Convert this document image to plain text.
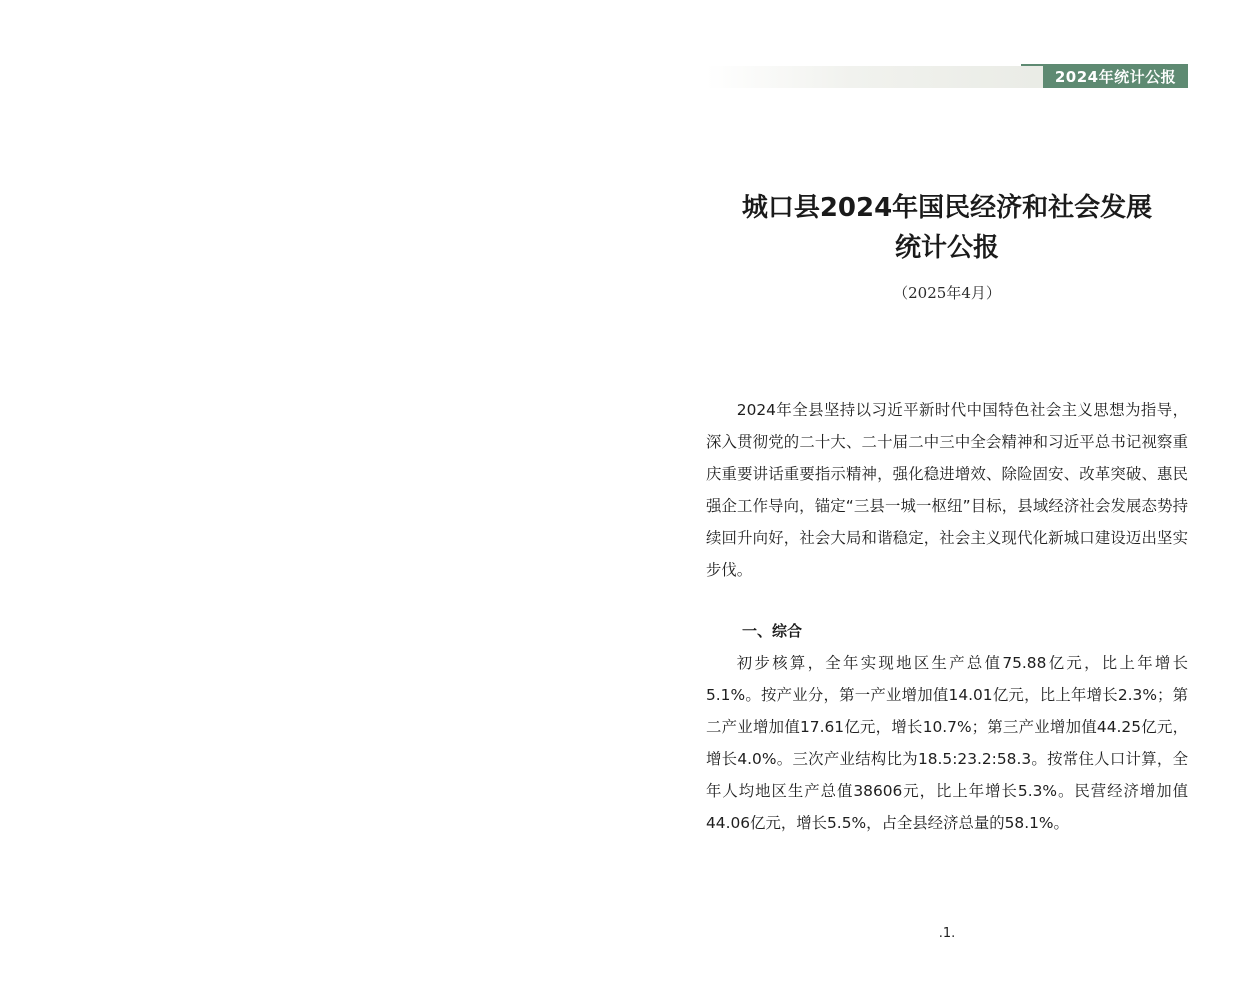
2024年统计公报
城口县2024年国民经济和社会发展
统计公报
（2025年4月）

2024年全县坚持以习近平新时代中国特色社会主义思想为指导，深入贯彻党的二十大、二十届二中三中全会精神和习近平总书记视察重庆重要讲话重要指示精神，强化稳进增效、除险固安、改革突破、惠民强企工作导向，锚定“三县一城一枢纽”目标，县域经济社会发展态势持续回升向好，社会大局和谐稳定，社会主义现代化新城口建设迈出坚实步伐。

一、综合

初步核算，全年实现地区生产总值75.88亿元，比上年增长5.1%。按产业分，第一产业增加值14.01亿元，比上年增长2.3%；第二产业增加值17.61亿元，增长10.7%；第三产业增加值44.25亿元，增长4.0%。三次产业结构比为18.5:23.2:58.3。按常住人口计算，全年人均地区生产总值38606元，比上年增长5.3%。民营经济增加值44.06亿元，增长5.5%，占全县经济总量的58.1%。

.1.
